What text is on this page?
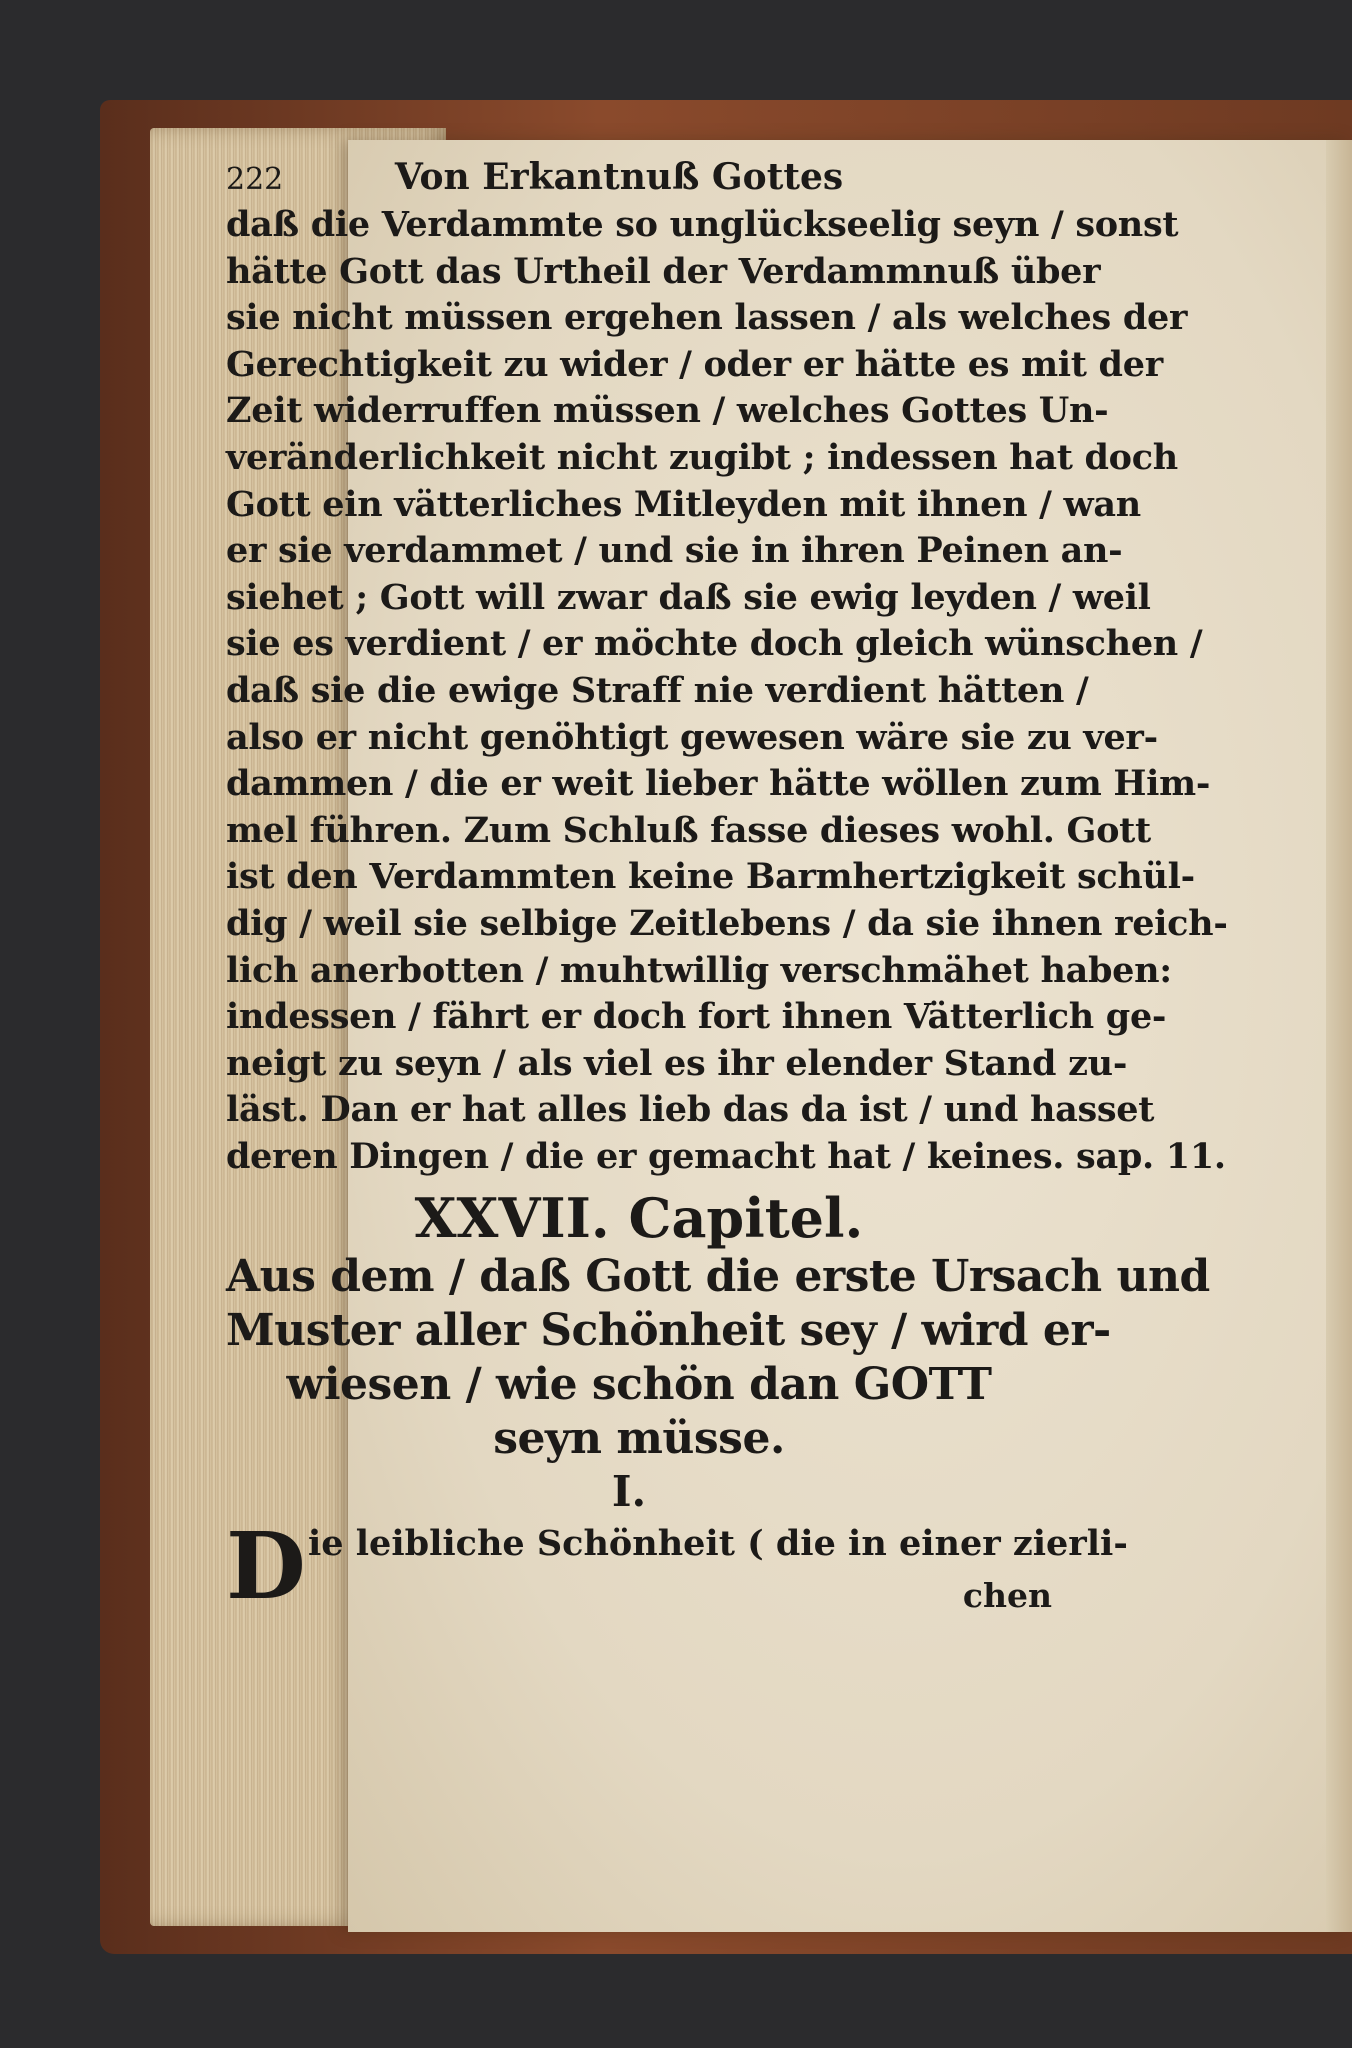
222	Von Erkantnuß Gottes
daß die Verdammte so unglückseelig seyn / sonst
hätte Gott das Urtheil der Verdammnuß über
sie nicht müssen ergehen lassen / als welches der
Gerechtigkeit zu wider / oder er hätte es mit der
Zeit widerruffen müssen / welches Gottes Un-
veränderlichkeit nicht zugibt ; indessen hat doch
Gott ein vätterliches Mitleyden mit ihnen / wan
er sie verdammet / und sie in ihren Peinen an-
siehet ; Gott will zwar daß sie ewig leyden / weil
sie es verdient / er möchte doch gleich wünschen /
daß sie die ewige Straff nie verdient hätten /
also er nicht genöhtigt gewesen wäre sie zu ver-
dammen / die er weit lieber hätte wöllen zum Him-
mel führen. Zum Schluß fasse dieses wohl. Gott
ist den Verdammten keine Barmhertzigkeit schül-
dig / weil sie selbige Zeitlebens / da sie ihnen reich-
lich anerbotten / muhtwillig verschmähet haben:
indessen / fährt er doch fort ihnen Vätterlich ge-
neigt zu seyn / als viel es ihr elender Stand zu-
läst. Dan er hat alles lieb das da ist / und hasset
deren Dingen / die er gemacht hat / keines. sap. 11.
XXVII. Capitel.
Aus dem / daß Gott die erste Ursach und
Muster aller Schönheit sey / wird er-
wiesen / wie schön dan GOTT
seyn müsse.
I.
D ie leibliche Schönheit ( die in einer zierli-
chen
